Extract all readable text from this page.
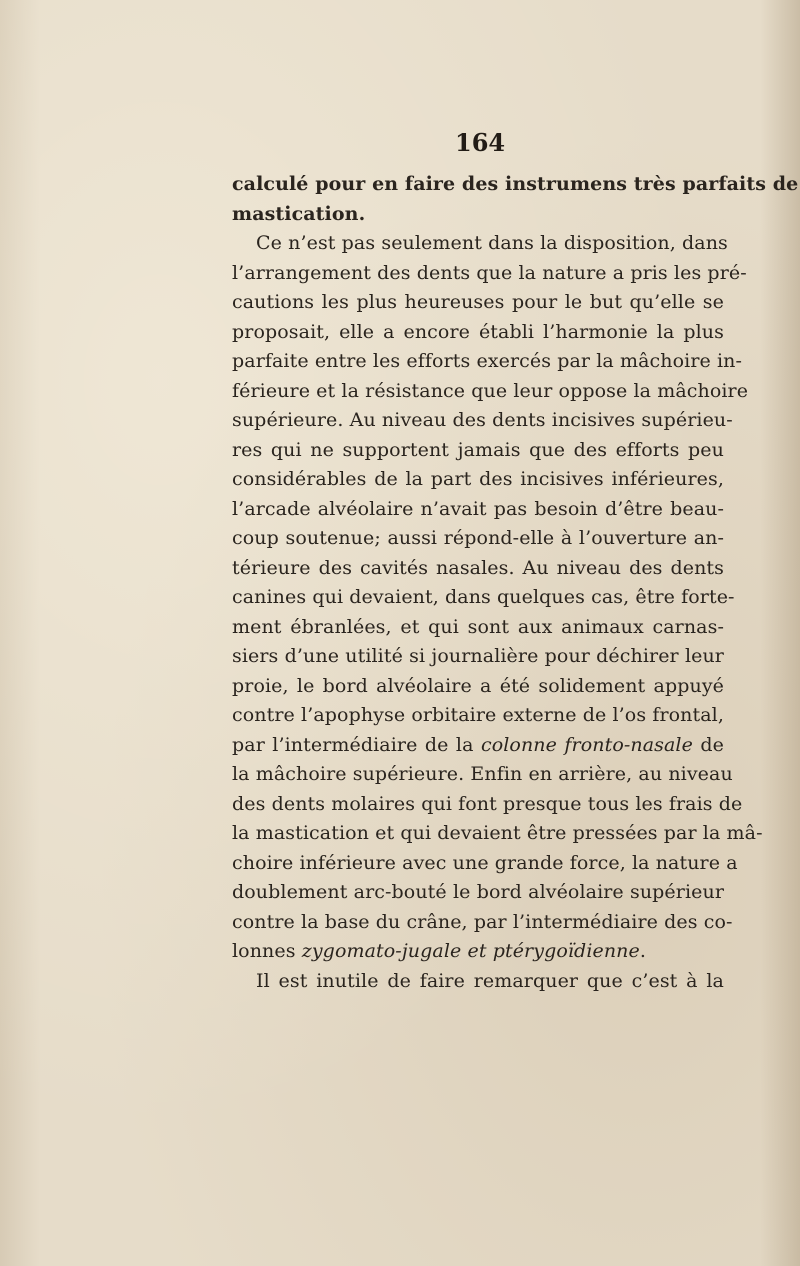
164
calculé pour en faire des instrumens très parfaits de
mastication.
Ce n’est pas seulement dans la disposition, dans
l’arrangement des dents que la nature a pris les pré-
cautions les plus heureuses pour le but qu’elle se
proposait, elle a encore établi l’harmonie la plus
parfaite entre les efforts exercés par la mâchoire in-
férieure et la résistance que leur oppose la mâchoire
supérieure. Au niveau des dents incisives supérieu-
res qui ne supportent jamais que des efforts peu
considérables de la part des incisives inférieures,
l’arcade alvéolaire n’avait pas besoin d’être beau-
coup soutenue; aussi répond-elle à l’ouverture an-
térieure des cavités nasales. Au niveau des dents
canines qui devaient, dans quelques cas, être forte-
ment ébranlées, et qui sont aux animaux carnas-
siers d’une utilité si journalière pour déchirer leur
proie, le bord alvéolaire a été solidement appuyé
contre l’apophyse orbitaire externe de l’os frontal,
par l’intermédiaire de la colonne fronto-nasale de
la mâchoire supérieure. Enfin en arrière, au niveau
des dents molaires qui font presque tous les frais de
la mastication et qui devaient être pressées par la mâ-
choire inférieure avec une grande force, la nature a
doublement arc-bouté le bord alvéolaire supérieur
contre la base du crâne, par l’intermédiaire des co-
lonnes zygomato-jugale et ptérygoïdienne.
Il est inutile de faire remarquer que c’est à la
